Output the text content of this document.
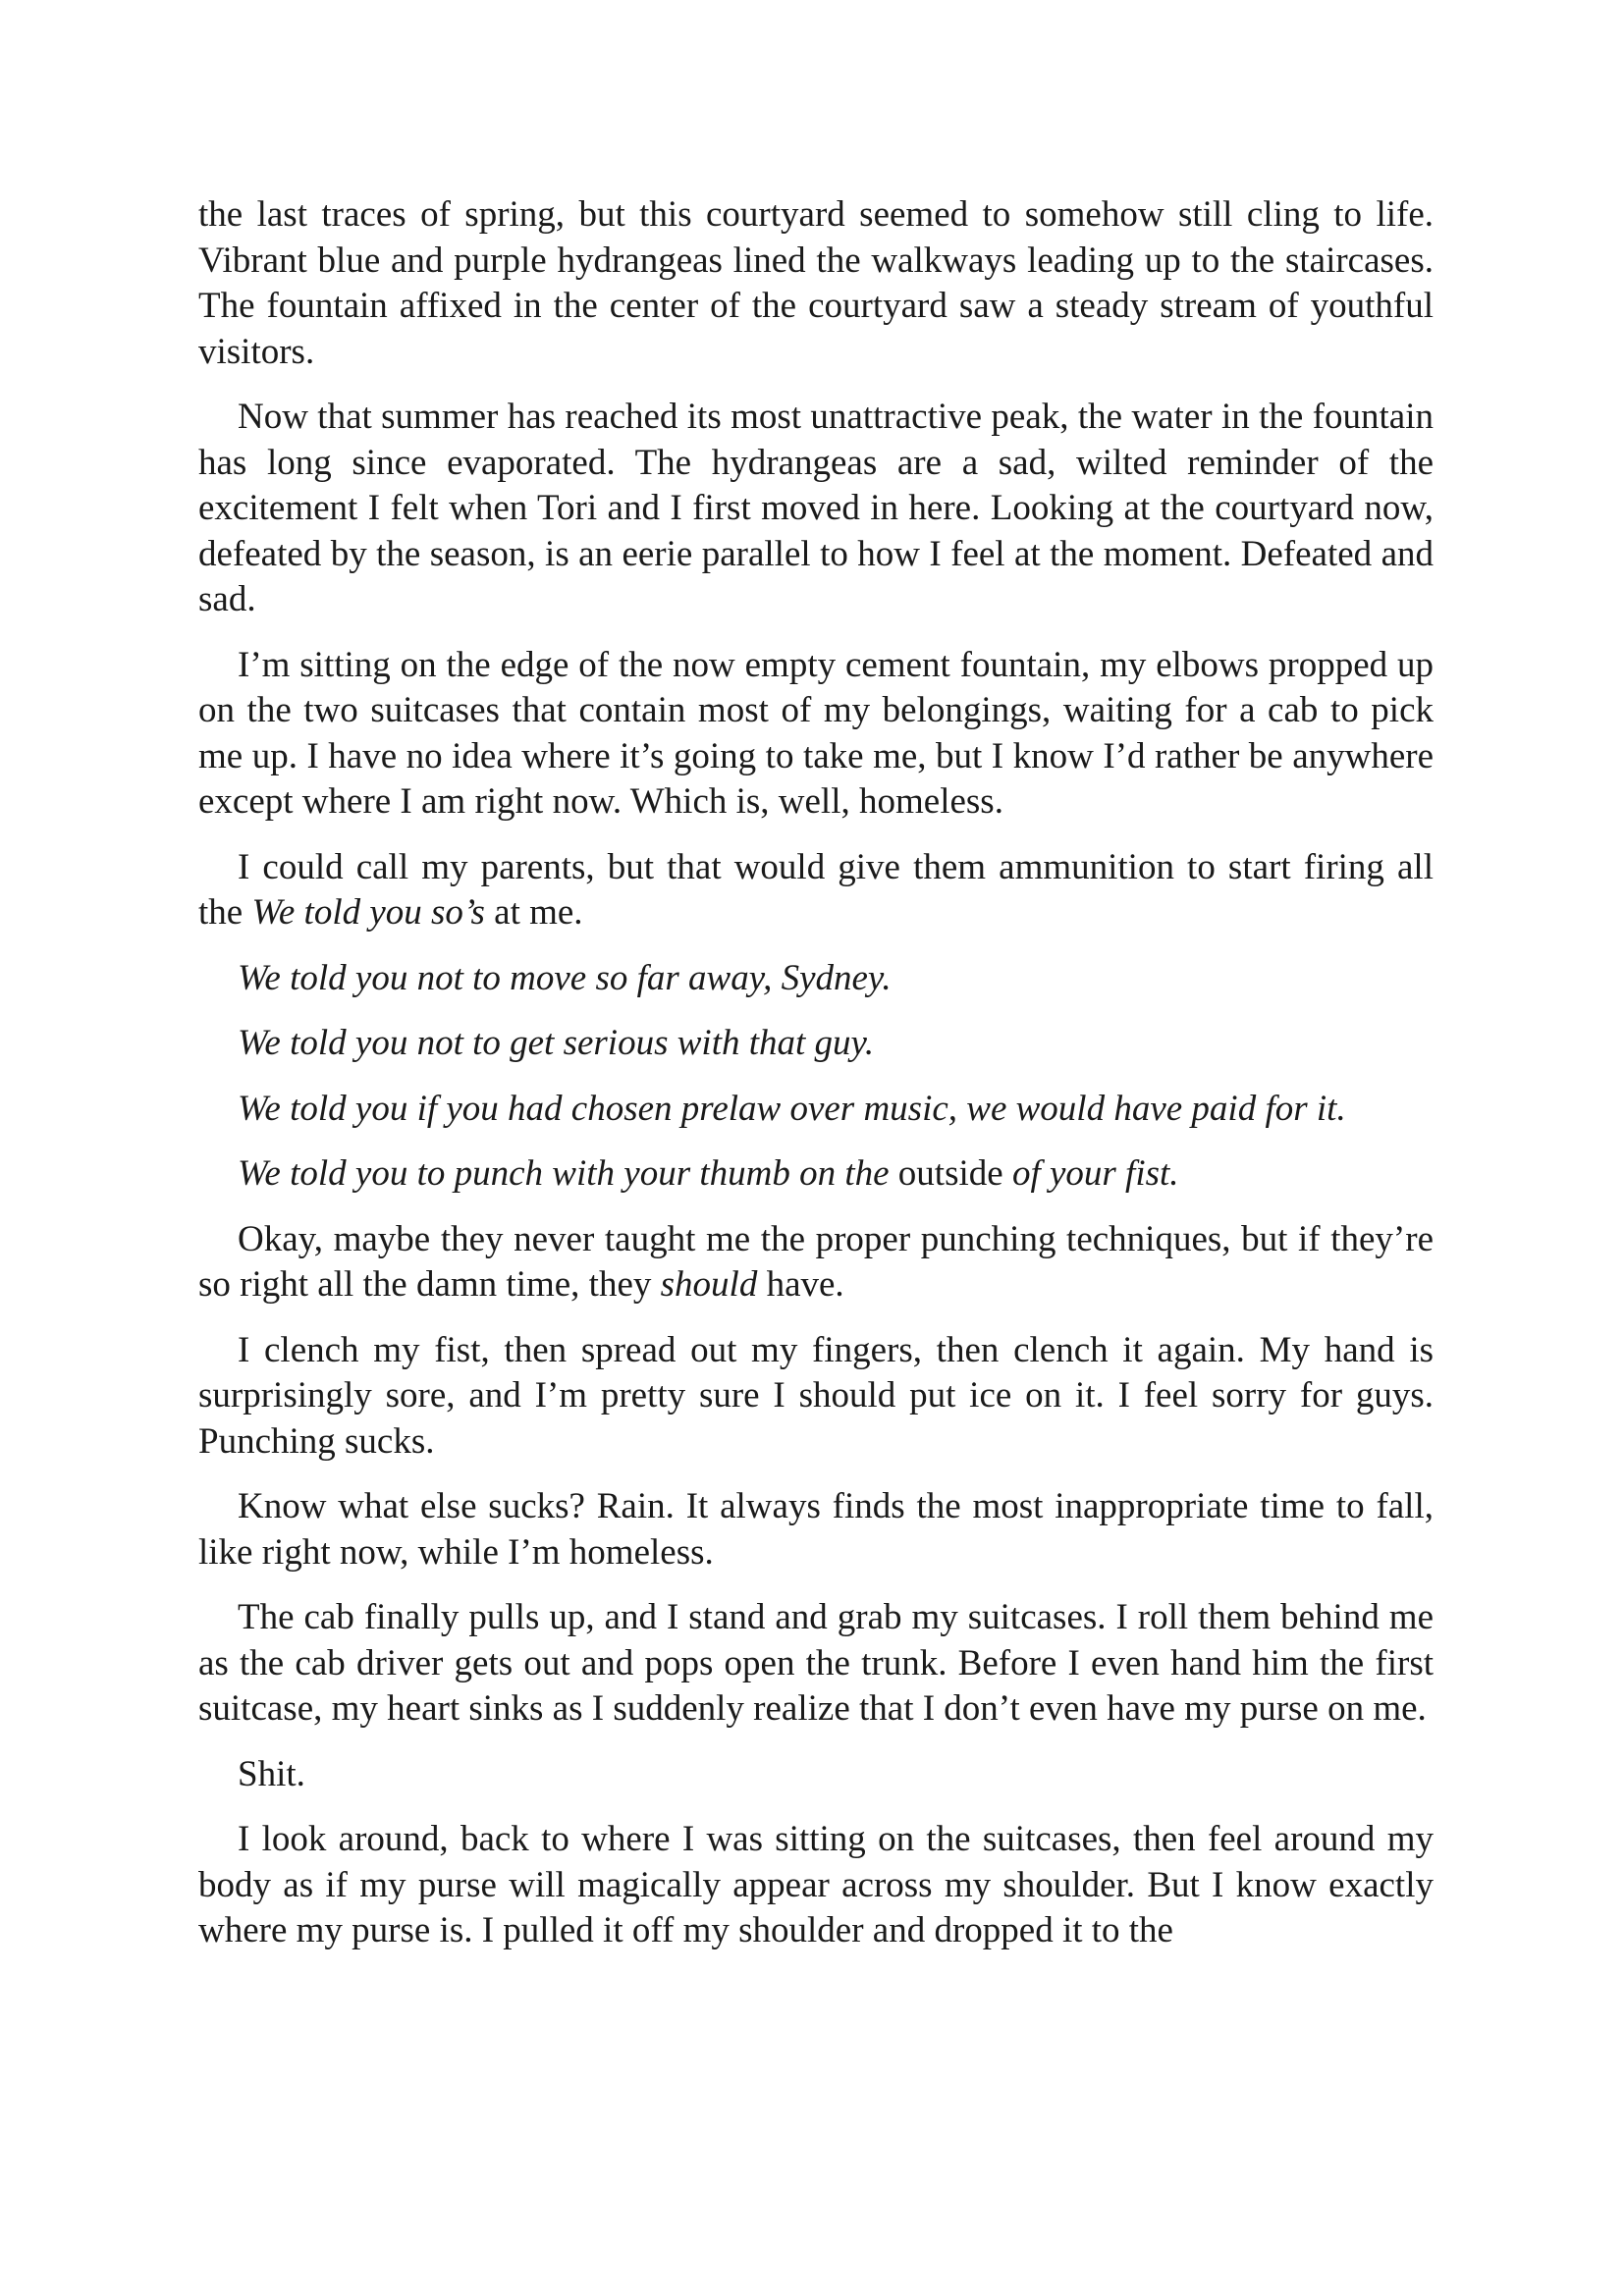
the last traces of spring, but this courtyard seemed to somehow still cling to life. Vibrant blue and purple hydrangeas lined the walkways leading up to the staircases. The fountain affixed in the center of the courtyard saw a steady stream of youthful visitors.

Now that summer has reached its most unattractive peak, the water in the fountain has long since evaporated. The hydrangeas are a sad, wilted reminder of the excitement I felt when Tori and I first moved in here. Looking at the courtyard now, defeated by the season, is an eerie parallel to how I feel at the moment. Defeated and sad.

I’m sitting on the edge of the now empty cement fountain, my elbows propped up on the two suitcases that contain most of my belongings, waiting for a cab to pick me up. I have no idea where it’s going to take me, but I know I’d rather be anywhere except where I am right now. Which is, well, homeless.

I could call my parents, but that would give them ammunition to start firing all the We told you so’s at me.

We told you not to move so far away, Sydney.

We told you not to get serious with that guy.

We told you if you had chosen prelaw over music, we would have paid for it.

We told you to punch with your thumb on the outside of your fist.

Okay, maybe they never taught me the proper punching techniques, but if they’re so right all the damn time, they should have.

I clench my fist, then spread out my fingers, then clench it again. My hand is surprisingly sore, and I’m pretty sure I should put ice on it. I feel sorry for guys. Punching sucks.

Know what else sucks? Rain. It always finds the most inappropriate time to fall, like right now, while I’m homeless.

The cab finally pulls up, and I stand and grab my suitcases. I roll them behind me as the cab driver gets out and pops open the trunk. Before I even hand him the first suitcase, my heart sinks as I suddenly realize that I don’t even have my purse on me.

Shit.

I look around, back to where I was sitting on the suitcases, then feel around my body as if my purse will magically appear across my shoulder. But I know exactly where my purse is. I pulled it off my shoulder and dropped it to the
